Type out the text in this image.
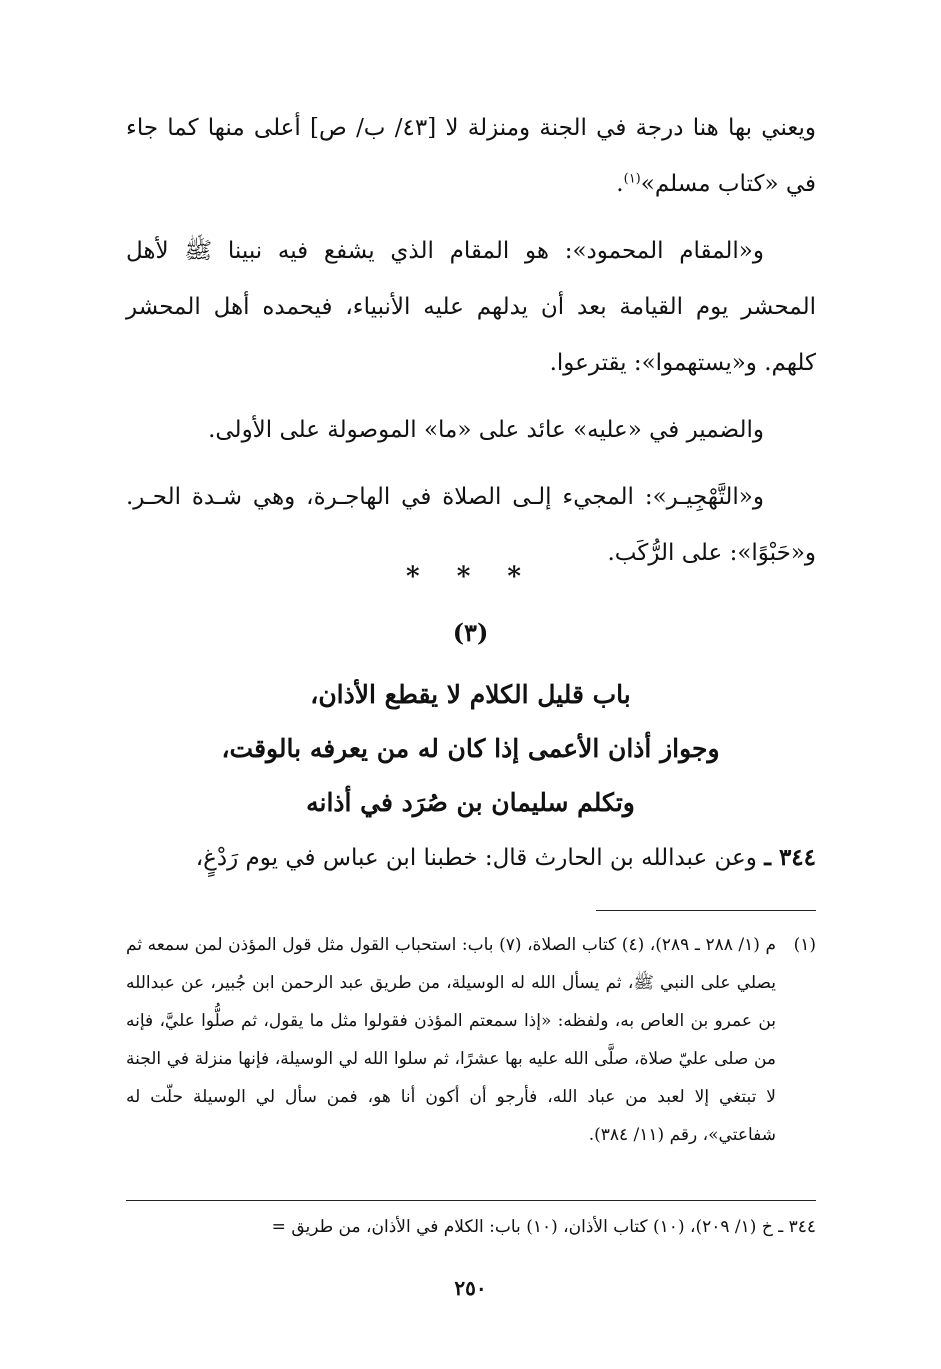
ويعني بها هنا درجة في الجنة ومنزلة لا [٤٣/ ب/ ص] أعلى منها كما جاء في «كتاب مسلم»$^{(١)}$.

و«المقام المحمود»: هو المقام الذي يشفع فيه نبينا ﷺ لأهل المحشر يوم القيامة بعد أن يدلهم عليه الأنبياء، فيحمده أهل المحشر كلهم. و«يستهموا»: يقترعوا.

والضمير في «عليه» عائد على «ما» الموصولة على الأولى.

و«التَّهْجِيـر»: المجيء إلـى الصلاة في الهاجـرة، وهي شـدة الحـر. و«حَبْوًا»: على الرُّكَب.

* * *
(٣)
باب قليل الكلام لا يقطع الأذان،
وجواز أذان الأعمى إذا كان له من يعرفه بالوقت،
وتكلم سليمان بن صُرَد في أذانه
٣٤٤ ـ وعن عبدالله بن الحارث قال: خطبنا ابن عباس في يوم رَدْغٍ،
(١)
م (١/ ٢٨٨ ـ ٢٨٩)، (٤) كتاب الصلاة، (٧) باب: استحباب القول مثل قول المؤذن لمن سمعه ثم يصلي على النبي ﷺ، ثم يسأل الله له الوسيلة، من طريق عبد الرحمن ابن جُبير، عن عبدالله بن عمرو بن العاص به، ولفظه: «إذا سمعتم المؤذن فقولوا مثل ما يقول، ثم صلُّوا عليَّ، فإنه من صلى عليّ صلاة، صلَّى الله عليه بها عشرًا، ثم سلوا الله لي الوسيلة، فإنها منزلة في الجنة لا تبتغي إلا لعبد من عباد الله، فأرجو أن أكون أنا هو، فمن سأل لي الوسيلة حلّت له شفاعتي»، رقم (١١/ ٣٨٤).
٣٤٤ ـ خ (١/ ٢٠٩)، (١٠) كتاب الأذان، (١٠) باب: الكلام في الأذان، من طريق =
٢٥٠
